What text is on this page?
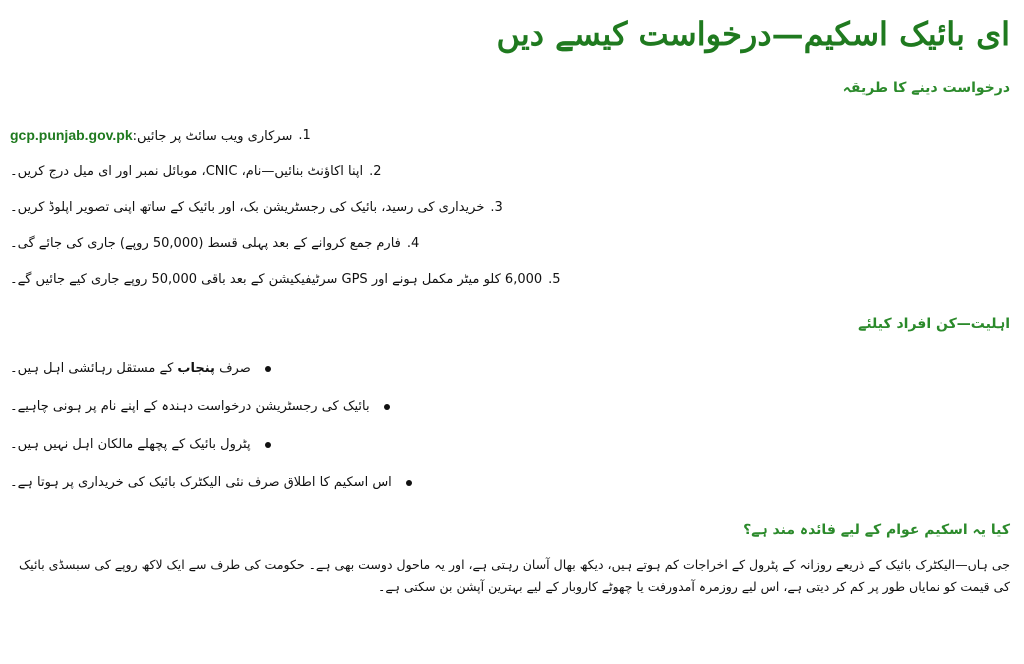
ای بائیک اسکیم—درخواست کیسے دیں
درخواست دینے کا طریقہ
1.
سرکاری ویب سائٹ پر جائیں:gcp.punjab.gov.pk
2.
اپنا اکاؤنٹ بنائیں—نام، CNIC، موبائل نمبر اور ای میل درج کریں۔
3.
خریداری کی رسید، بائیک کی رجسٹریشن بک، اور بائیک کے ساتھ اپنی تصویر اپلوڈ کریں۔
4.
فارم جمع کروانے کے بعد پہلی قسط (50,000 روپے) جاری کی جائے گی۔
5.
6,000 کلو میٹر مکمل ہونے اور GPS سرٹیفیکیشن کے بعد باقی 50,000 روپے جاری کیے جائیں گے۔
اہلیت—کن افراد کیلئے
صرف پنجاب کے مستقل رہائشی اہل ہیں۔
بائیک کی رجسٹریشن درخواست دہندہ کے اپنے نام پر ہونی چاہیے۔
پٹرول بائیک کے پچھلے مالکان اہل نہیں ہیں۔
اس اسکیم کا اطلاق صرف نئی الیکٹرک بائیک کی خریداری پر ہوتا ہے۔
کیا یہ اسکیم عوام کے لیے فائدہ مند ہے؟

جی ہاں—الیکٹرک بائیک کے ذریعے روزانہ کے پٹرول کے اخراجات کم ہوتے ہیں، دیکھ بھال آسان رہتی ہے، اور یہ ماحول دوست بھی ہے۔ حکومت کی طرف سے ایک لاکھ روپے کی سبسڈی بائیک کی قیمت کو نمایاں طور پر کم کر دیتی ہے، اس لیے روزمرہ آمدورفت یا چھوٹے کاروبار کے لیے بہترین آپشن بن سکتی ہے۔
